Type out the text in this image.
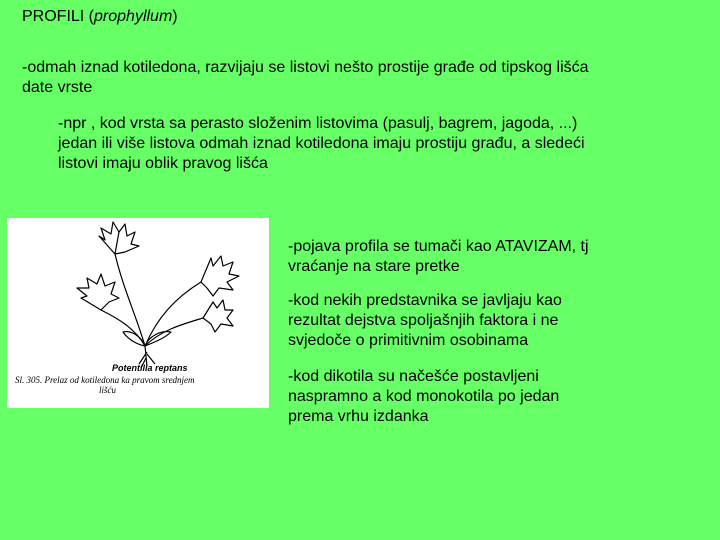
PROFILI (prophyllum)
-odmah iznad kotiledona, razvijaju se listovi nešto prostije građe od tipskog lišća
date vrste
-npr , kod vrsta sa perasto složenim listovima (pasulj, bagrem, jagoda, ...)
jedan ili više listova odmah iznad kotiledona imaju prostiju građu, a sledeći
listovi imaju oblik pravog lišća
Potentilla reptans
Sl. 305. Prelaz od kotiledona ka pravom srednjem
lišću
-pojava profila se tumači kao ATAVIZAM, tj
vraćanje na stare pretke
-kod nekih predstavnika se javljaju kao
rezultat dejstva spoljašnjih faktora i ne
svjedoče o primitivnim osobinama
-kod dikotila su načešće postavljeni
naspramno a kod monokotila po jedan
prema vrhu izdanka
